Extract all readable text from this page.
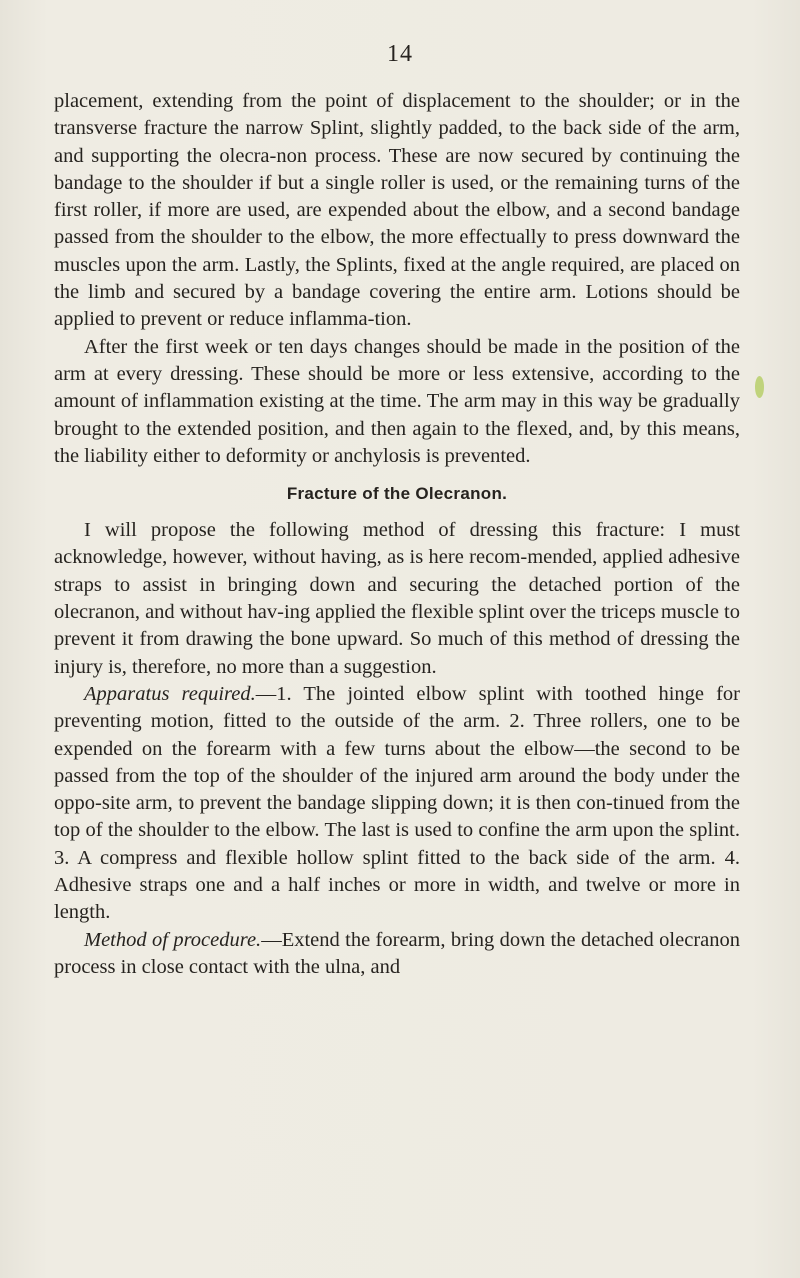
14

placement, extending from the point of displacement to the shoulder; or in the transverse fracture the narrow Splint, slightly padded, to the back side of the arm, and supporting the olecra-non process. These are now secured by continuing the bandage to the shoulder if but a single roller is used, or the remaining turns of the first roller, if more are used, are expended about the elbow, and a second bandage passed from the shoulder to the elbow, the more effectually to press downward the muscles upon the arm. Lastly, the Splints, fixed at the angle required, are placed on the limb and secured by a bandage covering the entire arm. Lotions should be applied to prevent or reduce inflamma-tion.

After the first week or ten days changes should be made in the position of the arm at every dressing. These should be more or less extensive, according to the amount of inflammation existing at the time. The arm may in this way be gradually brought to the extended position, and then again to the flexed, and, by this means, the liability either to deformity or anchylosis is prevented.

Fracture of the Olecranon.

I will propose the following method of dressing this fracture: I must acknowledge, however, without having, as is here recom-mended, applied adhesive straps to assist in bringing down and securing the detached portion of the olecranon, and without hav-ing applied the flexible splint over the triceps muscle to prevent it from drawing the bone upward. So much of this method of dressing the injury is, therefore, no more than a suggestion.

Apparatus required.—1. The jointed elbow splint with toothed hinge for preventing motion, fitted to the outside of the arm. 2. Three rollers, one to be expended on the forearm with a few turns about the elbow—the second to be passed from the top of the shoulder of the injured arm around the body under the oppo-site arm, to prevent the bandage slipping down; it is then con-tinued from the top of the shoulder to the elbow. The last is used to confine the arm upon the splint. 3. A compress and flexible hollow splint fitted to the back side of the arm. 4. Adhesive straps one and a half inches or more in width, and twelve or more in length.

Method of procedure.—Extend the forearm, bring down the detached olecranon process in close contact with the ulna, and
